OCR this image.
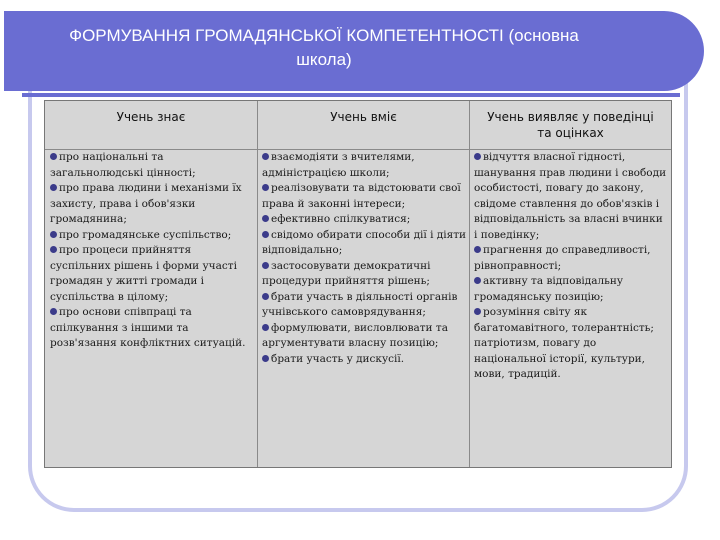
ФОРМУВАННЯ ГРОМАДЯНСЬКОЇ КОМПЕТЕНТНОСТІ (основна
школа)

Учень знає	Учень вміє	Учень виявляє у поведінці
та оцінках
про національні та загальнолюдські цінності;
про права людини і механізми їх захисту, права і обов'язки громадянина;
про громадянське суспільство;
про процеси прийняття суспільних рішень і форми участі громадян у житті громади і суспільства в цілому;
про основи співпраці та спілкування з іншими та розв'язання конфліктних ситуацій.
взаємодіяти з вчителями, адміністрацією школи;
реалізовувати та відстоювати свої права й законні інтереси;
ефективно спілкуватися;
свідомо обирати способи дії і діяти відповідально;
застосовувати демократичні процедури прийняття рішень;
брати участь в діяльності органів учнівського самоврядування;
формулювати, висловлювати та аргументувати власну позицію;
брати участь у дискусії.
відчуття власної гідності, шанування прав людини і свободи особистості, повагу до закону, свідоме ставлення до обов'язків і відповідальність за власні вчинки і поведінку;
прагнення до справедливості, рівноправності;
активну та відповідальну громадянську позицію;
розуміння світу як багатомавітного, толерантність; патріотизм, повагу до національної історії, культури, мови, традицій.
